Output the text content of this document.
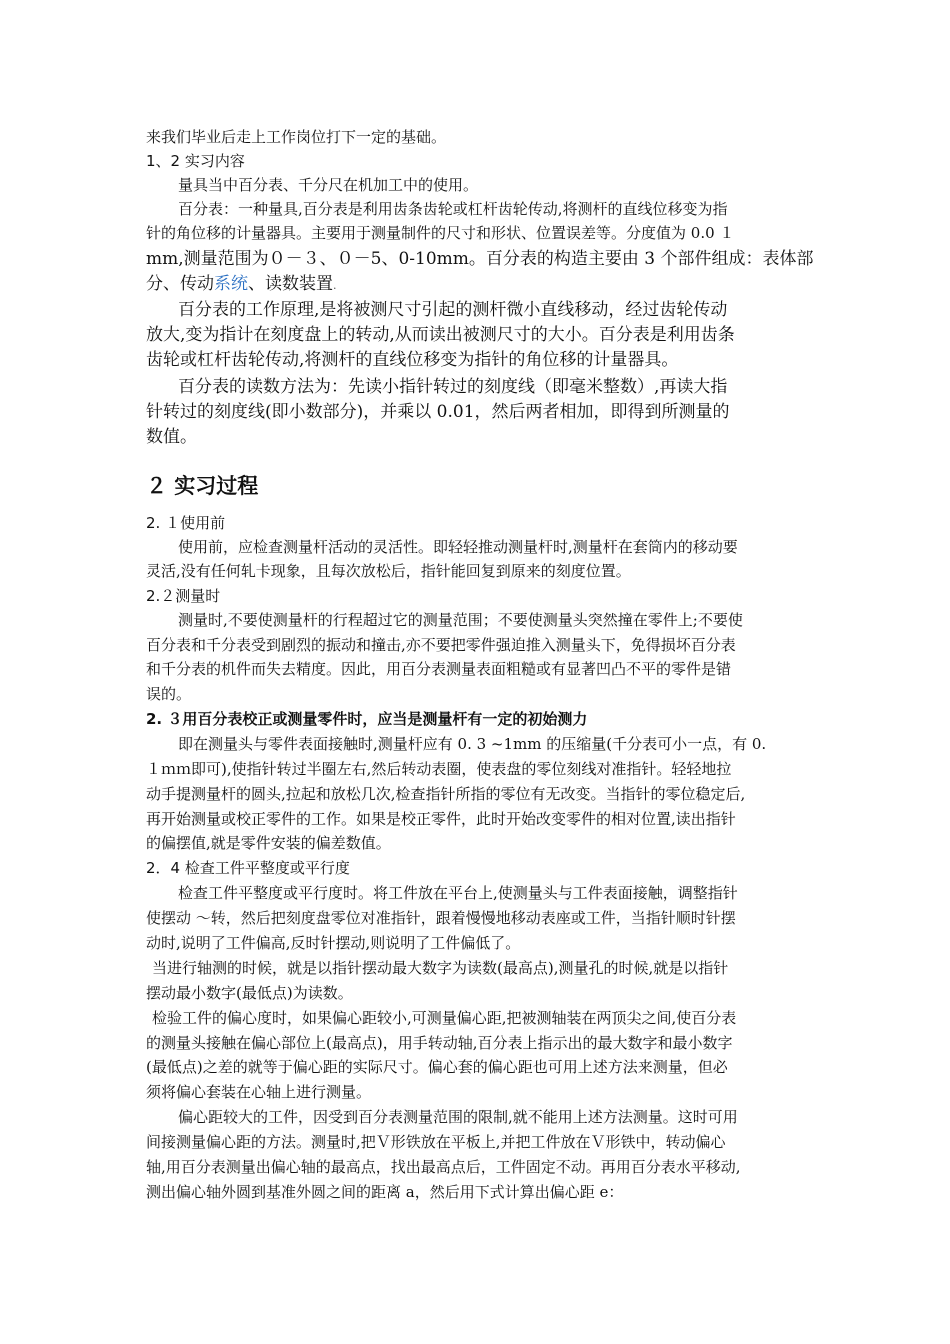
来我们毕业后走上工作岗位打下一定的基础。
1、2 实习内容
量具当中百分表、千分尺在机加工中的使用。
百分表：一种量具,百分表是利用齿条齿轮或杠杆齿轮传动,将测杆的直线位移变为指
针的角位移的计量器具。主要用于测量制件的尺寸和形状、位置误差等。分度值为 0.0 １
mm,测量范围为０－３、０－5、0-10mm。百分表的构造主要由 3 个部件组成：表体部
分、传动系统、读数装置.
百分表的工作原理,是将被测尺寸引起的测杆微小直线移动，经过齿轮传动
放大,变为指计在刻度盘上的转动,从而读出被测尺寸的大小。百分表是利用齿条
齿轮或杠杆齿轮传动,将测杆的直线位移变为指针的角位移的计量器具。
百分表的读数方法为：先读小指针转过的刻度线（即毫米整数）,再读大指
针转过的刻度线(即小数部分)，并乘以 0.01，然后两者相加，即得到所测量的
数值。
２ 实习过程
2. １使用前
使用前，应检查测量杆活动的灵活性。即轻轻推动测量杆时,测量杆在套筒内的移动要
灵活,没有任何轧卡现象，且每次放松后，指针能回复到原来的刻度位置。
2.２测量时
测量时,不要使测量杆的行程超过它的测量范围；不要使测量头突然撞在零件上;不要使
百分表和千分表受到剧烈的振动和撞击,亦不要把零件强迫推入测量头下，免得损坏百分表
和千分表的机件而失去精度。因此，用百分表测量表面粗糙或有显著凹凸不平的零件是错
误的。
2. ３用百分表校正或测量零件时，应当是测量杆有一定的初始测力
即在测量头与零件表面接触时,测量杆应有 0. 3 ~1mm 的压缩量(千分表可小一点，有 0.
１ｍｍ即可),使指针转过半圈左右,然后转动表圈，使表盘的零位刻线对准指针。轻轻地拉
动手提测量杆的圆头,拉起和放松几次,检查指针所指的零位有无改变。当指针的零位稳定后,
再开始测量或校正零件的工作。如果是校正零件，此时开始改变零件的相对位置,读出指针
的偏摆值,就是零件安装的偏差数值。
2．4 检查工件平整度或平行度
检查工件平整度或平行度时。将工件放在平台上,使测量头与工件表面接触，调整指针
使摆动 ～转，然后把刻度盘零位对准指针，跟着慢慢地移动表座或工件，当指针顺时针摆
动时,说明了工件偏高,反时针摆动,则说明了工件偏低了。
当进行轴测的时候，就是以指针摆动最大数字为读数(最高点),测量孔的时候,就是以指针
摆动最小数字(最低点)为读数。
检验工件的偏心度时，如果偏心距较小,可测量偏心距,把被测轴装在两顶尖之间,使百分表
的测量头接触在偏心部位上(最高点)，用手转动轴,百分表上指示出的最大数字和最小数字
(最低点)之差的就等于偏心距的实际尺寸。偏心套的偏心距也可用上述方法来测量，但必
须将偏心套装在心轴上进行测量。
偏心距较大的工件，因受到百分表测量范围的限制,就不能用上述方法测量。这时可用
间接测量偏心距的方法。测量时,把Ｖ形铁放在平板上,并把工件放在Ｖ形铁中，转动偏心
轴,用百分表测量出偏心轴的最高点，找出最高点后，工件固定不动。再用百分表水平移动,
测出偏心轴外圆到基准外圆之间的距离 a，然后用下式计算出偏心距 e：
